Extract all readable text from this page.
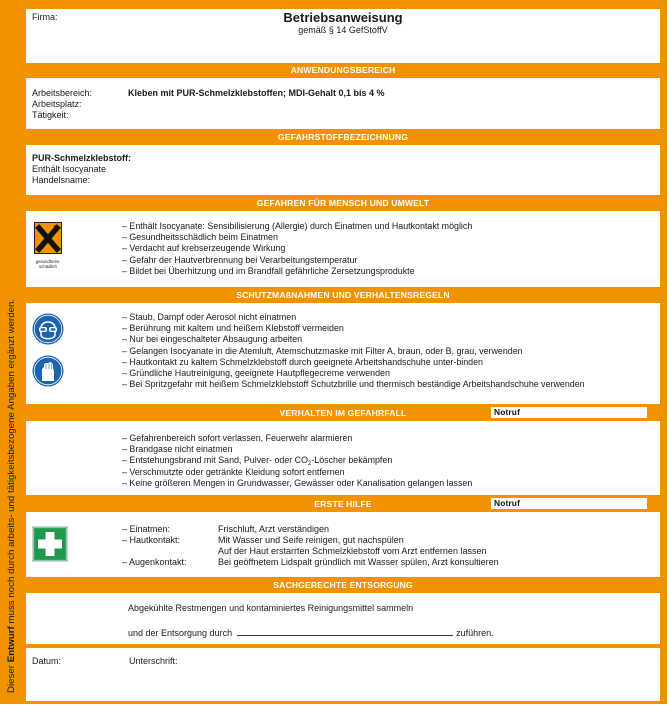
Dieser Entwurf muss noch durch arbeits- und tätigkeitsbezogene Angaben ergänzt werden.
Firma:	Betriebsanweisung
gemäß § 14 GefStoffV
ANWENDUNGSBEREICH
Arbeitsbereich:	Kleben mit PUR-Schmelzklebstoffen; MDI-Gehalt 0,1 bis 4 %
Arbeitsplatz:
Tätigkeit:
GEFAHRSTOFFBEZEICHNUNG
PUR-Schmelzklebstoff:
Enthält Isocyanate
Handelsname:
GEFAHREN FÜR MENSCH UND UMWELT
Xn
gesundheits-
schädlich
– Enthält Isocyanate: Sensibilisierung (Allergie) durch Einatmen und Hautkontakt möglich
– Gesundheitsschädlich beim Einatmen
– Verdacht auf krebserzeugende Wirkung
– Gefahr der Hautverbrennung bei Verarbeitungstemperatur
– Bildet bei Überhitzung und im Brandfall gefährliche Zersetzungsprodukte
SCHUTZMAßNAHMEN UND VERHALTENSREGELN
– Staub, Dampf oder Aerosol nicht einatmen
– Berührung mit kaltem und heißem Klebstoff vermeiden
– Nur bei eingeschalteter Absaugung arbeiten
– Gelangen Isocyanate in die Atemluft, Atemschutzmaske mit Filter A, braun, oder B, grau, verwenden
– Hautkontakt zu kaltem Schmelzklebstoff durch geeignete Arbeitshandschuhe unter-binden
– Gründliche Hautreinigung, geeignete Hautpflegecreme verwenden
– Bei Spritzgefahr mit heißem Schmelzklebstoff Schutzbrille und thermisch beständige Arbeitshandschuhe verwenden
VERHALTEN IM GEFAHRFALL	Notruf
– Gefahrenbereich sofort verlassen, Feuerwehr alarmieren
– Brandgase nicht einatmen
– Entstehungsbrand mit Sand, Pulver- oder $CO_2$-Löscher bekämpfen
– Verschmutzte oder getränkte Kleidung sofort entfernen
– Keine größeren Mengen in Grundwasser, Gewässer oder Kanalisation gelangen lassen
ERSTE HILFE	Notruf
– Einatmen:	Frischluft, Arzt verständigen
– Hautkontakt:	Mit Wasser und Seife reinigen, gut nachspülen
Auf der Haut erstarrten Schmelzklebstoff vom Arzt entfernen lassen
– Augenkontakt:	Bei geöffnetem Lidspalt gründlich mit Wasser spülen, Arzt konsultieren
SACHGERECHTE ENTSORGUNG
Abgekühlte Restmengen und kontaminiertes Reinigungsmittel sammeln
und der Entsorgung durch	zuführen.
Datum:	Unterschrift:
